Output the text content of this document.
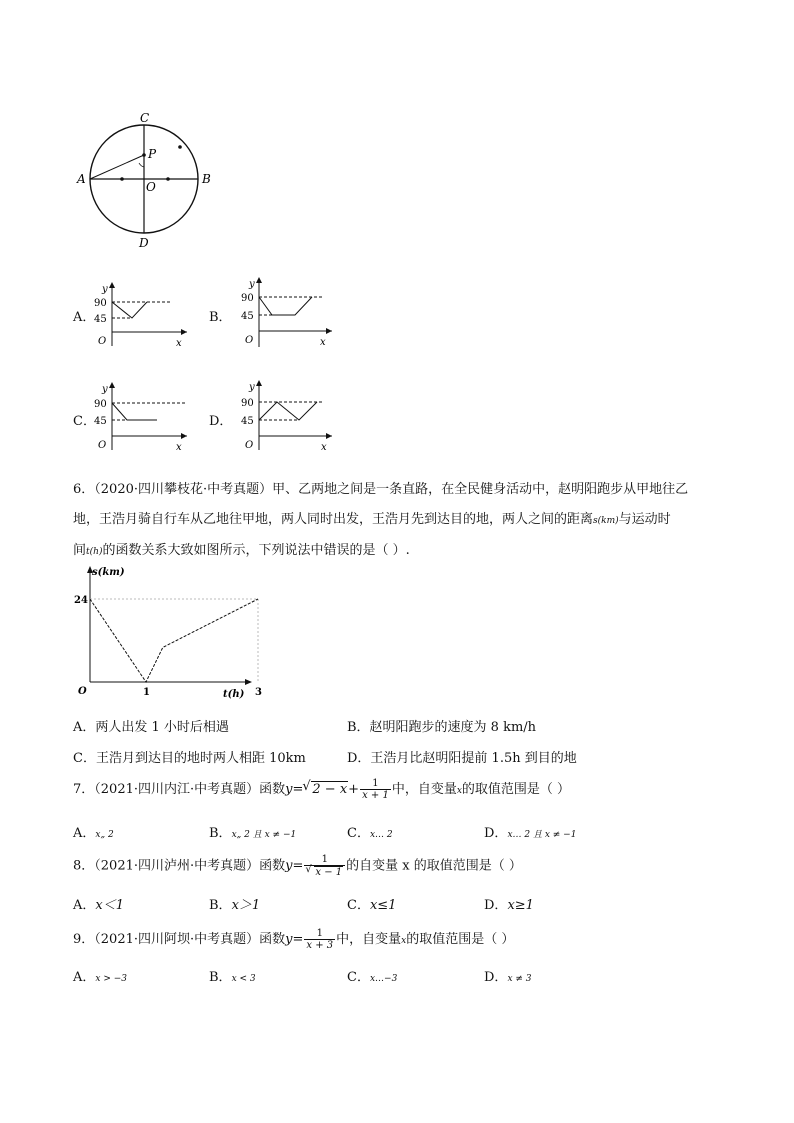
C
D
A	B
O
P
A．
y
90
45
O	x
B．
y
90
45
O	x
C．
y
90
45
O	x
D．
y
90
45
O	x
6．（2020·四川攀枝花·中考真题）甲、乙两地之间是一条直路，在全民健身活动中，赵明阳跑步从甲地往乙
地，王浩月骑自行车从乙地往甲地，两人同时出发，王浩月先到达目的地，两人之间的距离s(km)与运动时
间t(h)的函数关系大致如图所示，下列说法中错误的是（ ）.
s(km)
t(h)
O
24
1	3
A．两人出发 1 小时后相遇	B．赵明阳跑步的速度为 8 km/h
C．王浩月到达目的地时两人相距 10km	D．王浩月比赵明阳提前 1.5h 到目的地
7．（2021·四川内江·中考真题）函数y=√ $2 - x+ \frac{1}{x + 1}$ 中，自变量x的取值范围是（ ）
A．x„ 2	B．x„ 2 且 x ≠ −1	C．x… 2	D．x… 2 且 x ≠ −1
8．（2021·四川泸州·中考真题）函数y= 1
√ x − 1 的自变量 x 的取值范围是（ ）
A．x＜1	B．x＞1	C．x≤1	D．x≥1
9．（2021·四川阿坝·中考真题）函数$y= \frac{1}{x + 3}$ 中，自变量x的取值范围是（ ）
A．x > −3	B．x < 3	C．x…−3	D．x ≠ 3
